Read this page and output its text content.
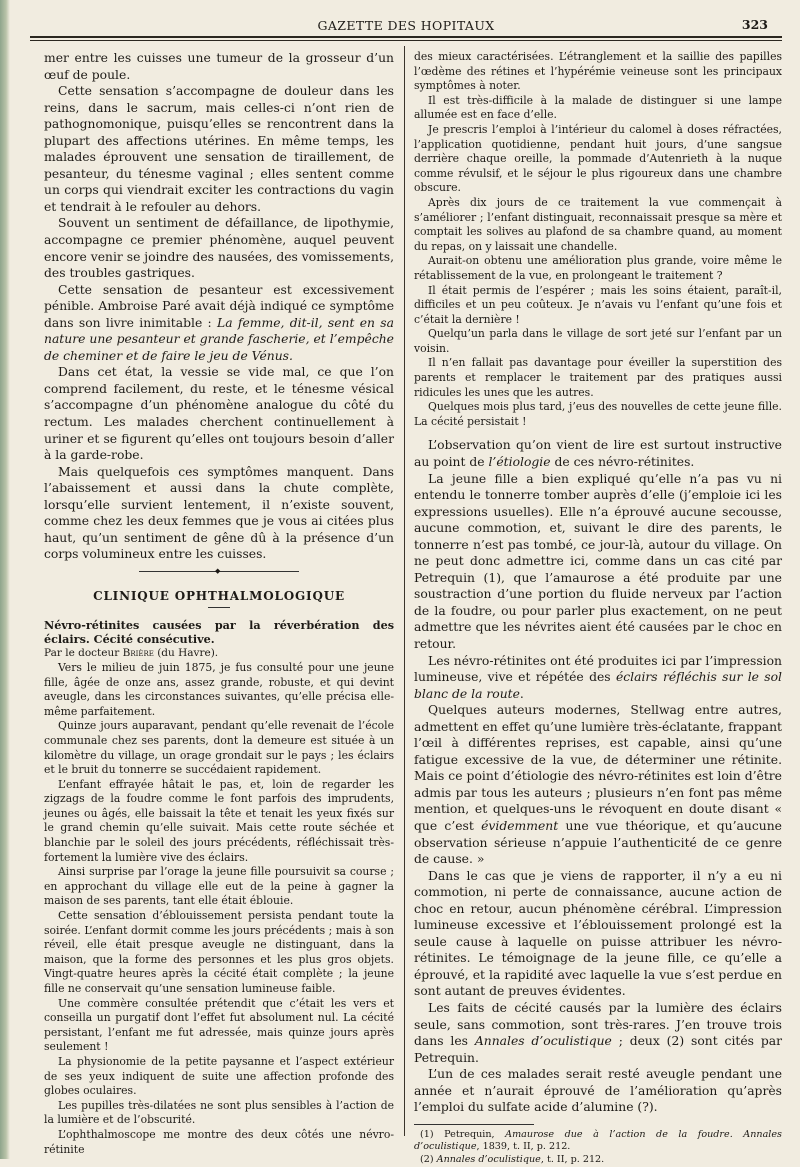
GAZETTE DES HOPITAUX	323

mer entre les cuisses une tumeur de la grosseur d’un œuf de poule.

Cette sensation s’accompagne de douleur dans les reins, dans le sacrum, mais celles-ci n’ont rien de pathognomonique, puisqu’elles se rencontrent dans la plupart des affections utérines. En même temps, les malades éprouvent une sensation de tiraillement, de pesanteur, du ténesme vaginal ; elles sentent comme un corps qui viendrait exciter les contractions du vagin et tendrait à le refouler au dehors.

Souvent un sentiment de défaillance, de lipothymie, accompagne ce premier phénomène, auquel peuvent encore venir se joindre des nausées, des vomissements, des troubles gastriques.

Cette sensation de pesanteur est excessivement pénible. Ambroise Paré avait déjà indiqué ce symptôme dans son livre inimitable : La femme, dit-il, sent en sa nature une pesanteur et grande fascherie, et l’empêche de cheminer et de faire le jeu de Vénus.

Dans cet état, la vessie se vide mal, ce que l’on comprend facilement, du reste, et le ténesme vésical s’accompagne d’un phénomène analogue du côté du rectum. Les malades cherchent continuellement à uriner et se figurent qu’elles ont toujours besoin d’aller à la garde-robe.

Mais quelquefois ces symptômes manquent. Dans l’abaissement et aussi dans la chute complète, lorsqu’elle survient lentement, il n’existe souvent, comme chez les deux femmes que je vous ai citées plus haut, qu’un sentiment de gêne dû à la présence d’un corps volumineux entre les cuisses.

◆
CLINIQUE OPHTHALMOLOGIQUE

Névro-rétinites causées par la réverbération des éclairs. Cécité consécutive.

Par le docteur Brière (du Havre).

Vers le milieu de juin 1875, je fus consulté pour une jeune fille, âgée de onze ans, assez grande, robuste, et qui devint aveugle, dans les circonstances suivantes, qu’elle précisa elle-même parfaitement.

Quinze jours auparavant, pendant qu’elle revenait de l’école communale chez ses parents, dont la demeure est située à un kilomètre du village, un orage grondait sur le pays ; les éclairs et le bruit du tonnerre se succédaient rapidement.

L’enfant effrayée hâtait le pas, et, loin de regarder les zigzags de la foudre comme le font parfois des imprudents, jeunes ou âgés, elle baissait la tête et tenait les yeux fixés sur le grand chemin qu’elle suivait. Mais cette route séchée et blanchie par le soleil des jours précédents, réfléchissait très-fortement la lumière vive des éclairs.

Ainsi surprise par l’orage la jeune fille poursuivit sa course ; en approchant du village elle eut de la peine à gagner la maison de ses parents, tant elle était éblouie.

Cette sensation d’éblouissement persista pendant toute la soirée. L’enfant dormit comme les jours précédents ; mais à son réveil, elle était presque aveugle ne distinguant, dans la maison, que la forme des personnes et les plus gros objets. Vingt-quatre heures après la cécité était complète ; la jeune fille ne conservait qu’une sensation lumineuse faible.

Une commère consultée prétendit que c’était les vers et conseilla un purgatif dont l’effet fut absolument nul. La cécité persistant, l’enfant me fut adressée, mais quinze jours après seulement !

La physionomie de la petite paysanne et l’aspect extérieur de ses yeux indiquent de suite une affection profonde des globes oculaires.

Les pupilles très-dilatées ne sont plus sensibles à l’action de la lumière et de l’obscurité.

L’ophthalmoscope me montre des deux côtés une névro-rétinite

des mieux caractérisées. L’étranglement et la saillie des papilles l’œdème des rétines et l’hypérémie veineuse sont les principaux symptômes à noter.

Il est très-difficile à la malade de distinguer si une lampe allumée est en face d’elle.

Je prescris l’emploi à l’intérieur du calomel à doses réfractées, l’application quotidienne, pendant huit jours, d’une sangsue derrière chaque oreille, la pommade d’Autenrieth à la nuque comme révulsif, et le séjour le plus rigoureux dans une chambre obscure.

Après dix jours de ce traitement la vue commençait à s’améliorer ; l’enfant distinguait, reconnaissait presque sa mère et comptait les solives au plafond de sa chambre quand, au moment du repas, on y laissait une chandelle.

Aurait-on obtenu une amélioration plus grande, voire même le rétablissement de la vue, en prolongeant le traitement ?

Il était permis de l’espérer ; mais les soins étaient, paraît-il, difficiles et un peu coûteux. Je n’avais vu l’enfant qu’une fois et c’était la dernière !

Quelqu’un parla dans le village de sort jeté sur l’enfant par un voisin.

Il n’en fallait pas davantage pour éveiller la superstition des parents et remplacer le traitement par des pratiques aussi ridicules les unes que les autres.

Quelques mois plus tard, j’eus des nouvelles de cette jeune fille. La cécité persistait !

L’observation qu’on vient de lire est surtout instructive au point de l’étiologie de ces névro-rétinites.

La jeune fille a bien expliqué qu’elle n’a pas vu ni entendu le tonnerre tomber auprès d’elle (j’emploie ici les expressions usuelles). Elle n’a éprouvé aucune secousse, aucune commotion, et, suivant le dire des parents, le tonnerre n’est pas tombé, ce jour-là, autour du village. On ne peut donc admettre ici, comme dans un cas cité par Petrequin (1), que l’amaurose a été produite par une soustraction d’une portion du fluide nerveux par l’action de la foudre, ou pour parler plus exactement, on ne peut admettre que les névrites aient été causées par le choc en retour.

Les névro-rétinites ont été produites ici par l’impression lumineuse, vive et répétée des éclairs réfléchis sur le sol blanc de la route.

Quelques auteurs modernes, Stellwag entre autres, admettent en effet qu’une lumière très-éclatante, frappant l’œil à différentes reprises, est capable, ainsi qu’une fatigue excessive de la vue, de déterminer une rétinite. Mais ce point d’étiologie des névro-rétinites est loin d’être admis par tous les auteurs ; plusieurs n’en font pas même mention, et quelques-uns le révoquent en doute disant « que c’est évidemment une vue théorique, et qu’aucune observation sérieuse n’appuie l’authenticité de ce genre de cause. »

Dans le cas que je viens de rapporter, il n’y a eu ni commotion, ni perte de connaissance, aucune action de choc en retour, aucun phénomène cérébral. L’impression lumineuse excessive et l’éblouissement prolongé est la seule cause à laquelle on puisse attribuer les névro-rétinites. Le témoignage de la jeune fille, ce qu’elle a éprouvé, et la rapidité avec laquelle la vue s’est perdue en sont autant de preuves évidentes.

Les faits de cécité causés par la lumière des éclairs seule, sans commotion, sont très-rares. J’en trouve trois dans les Annales d’oculistique ; deux (2) sont cités par Petrequin.

L’un de ces malades serait resté aveugle pendant une année et n’aurait éprouvé de l’amélioration qu’après l’emploi du sulfate acide d’alumine (?).

(1) Petrequin, Amaurose due à l’action de la foudre. Annales d’oculistique, 1839, t. II, p. 212.

(2) Annales d’oculistique, t. II, p. 212.
